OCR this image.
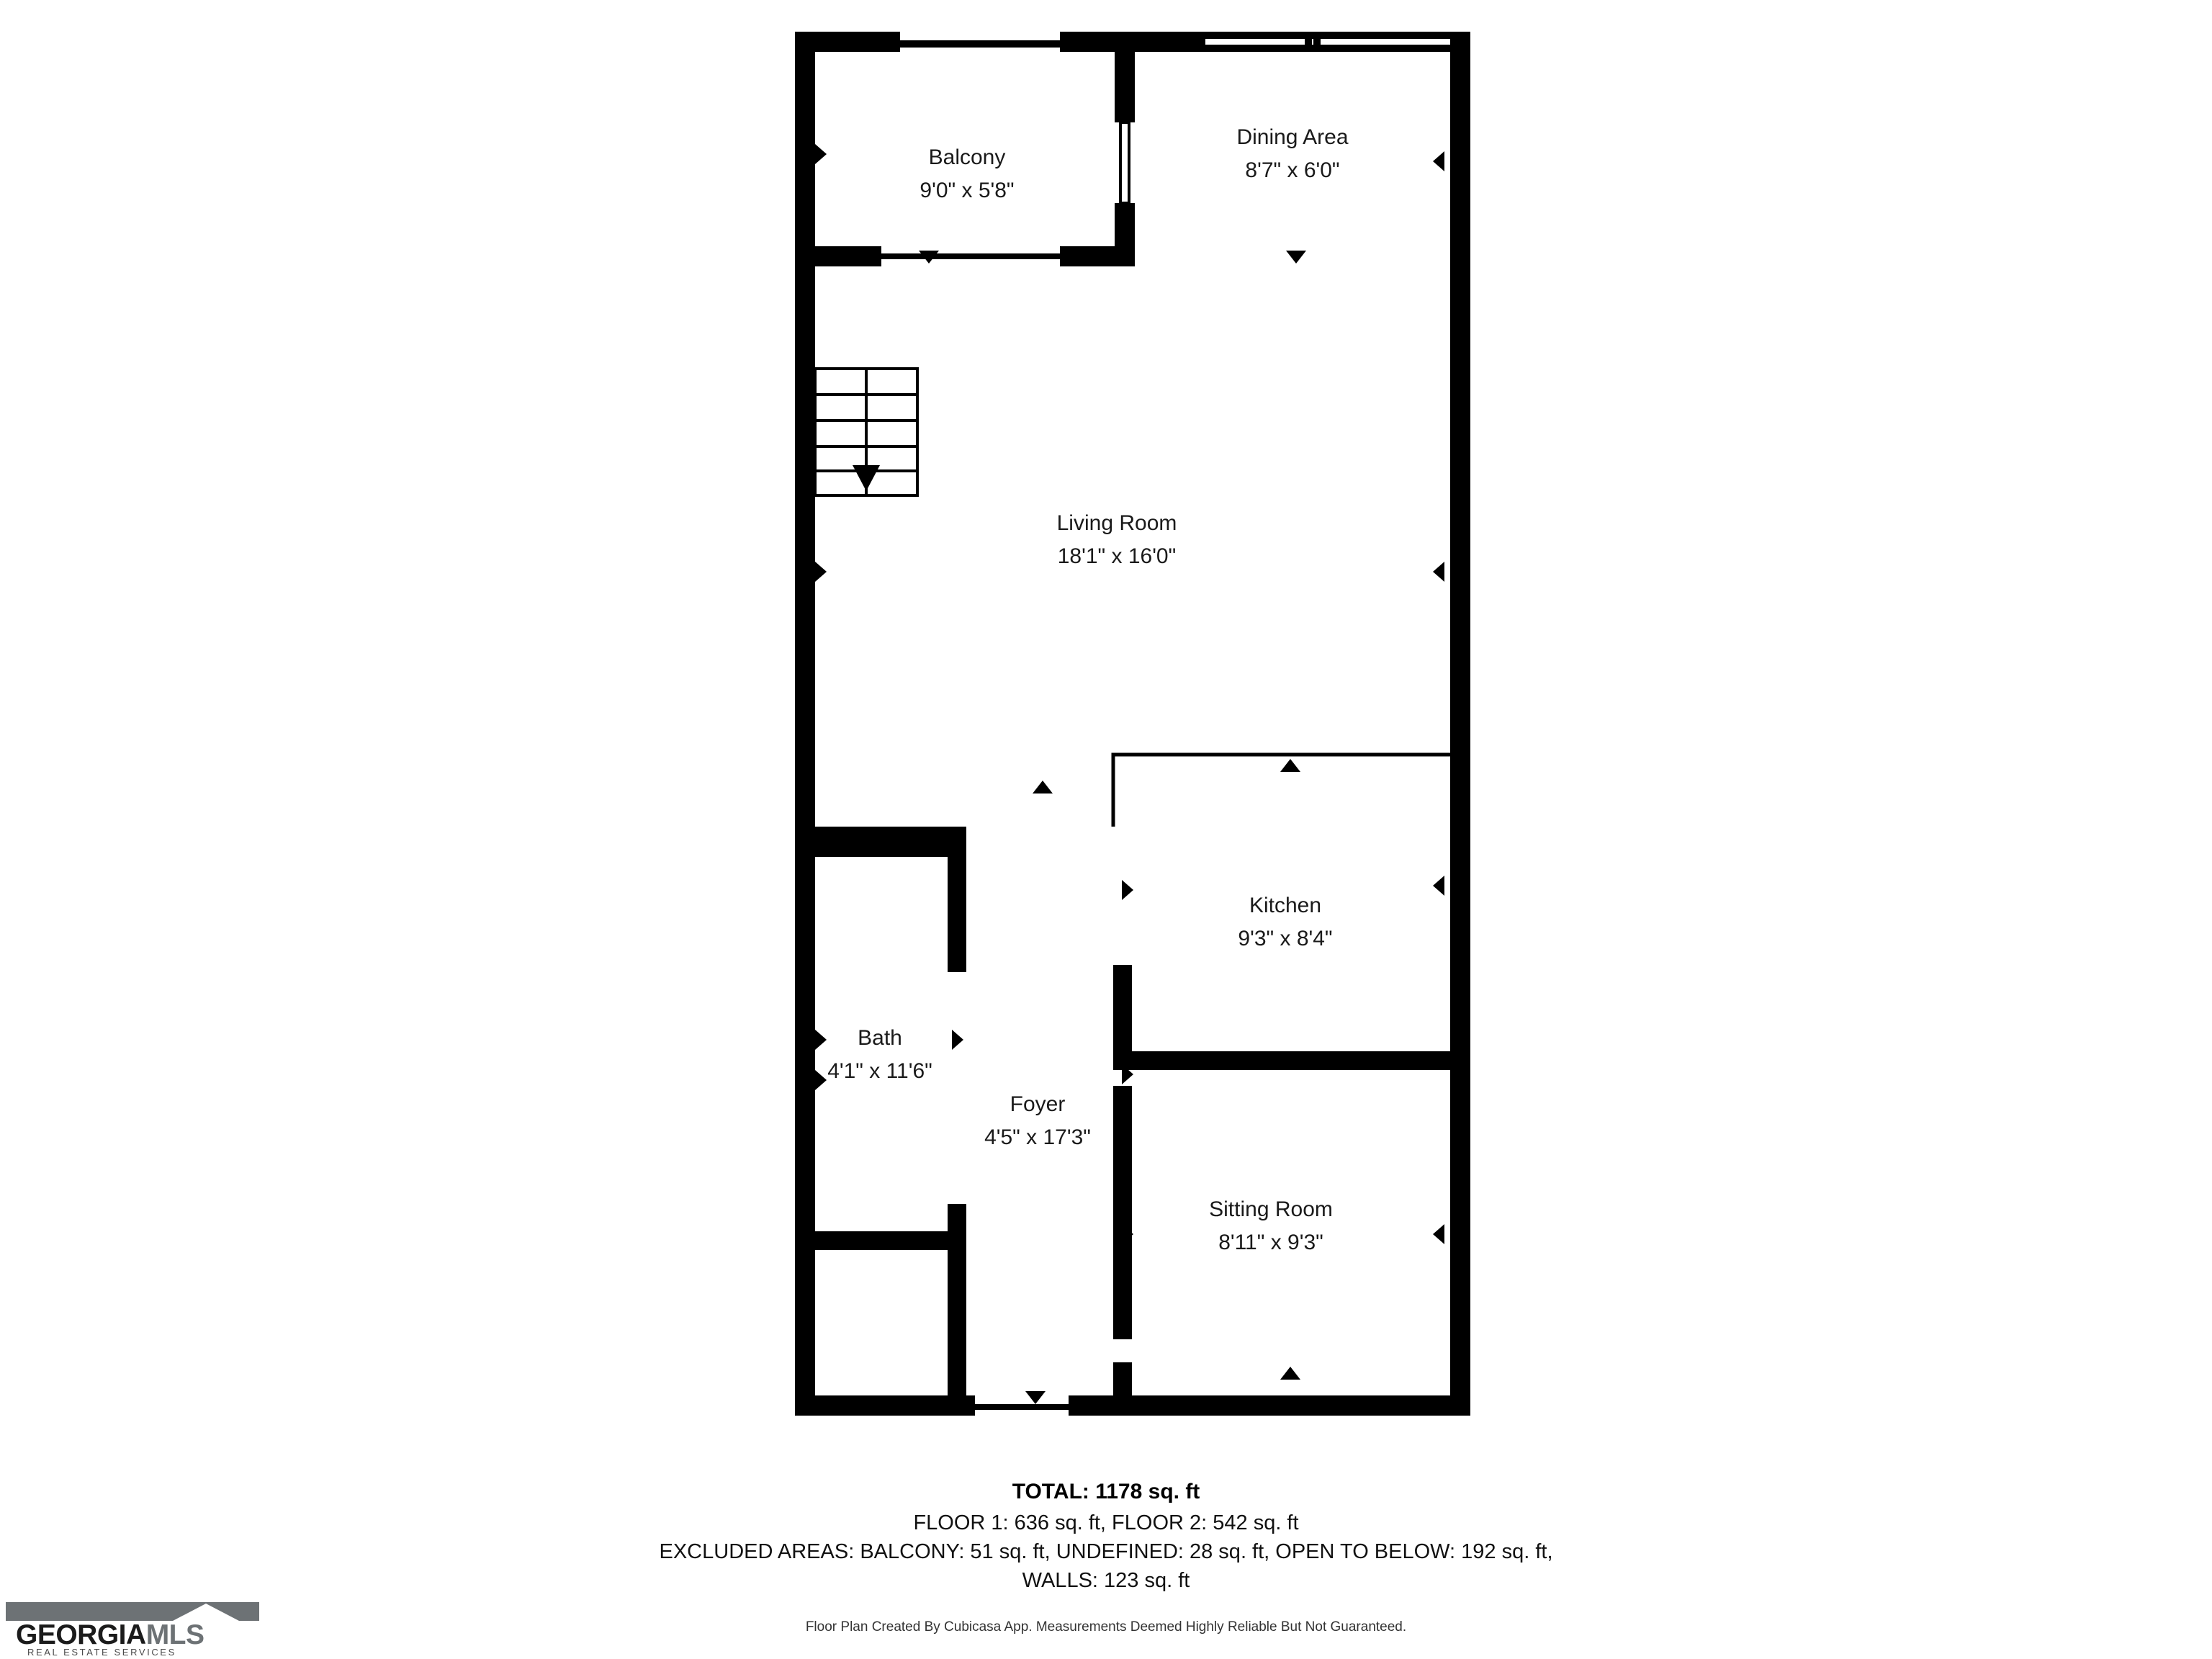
Balcony
9'0" x 5'8"
Dining Area
8'7" x 6'0"
Living Room
18'1" x 16'0"
Kitchen
9'3" x 8'4"
Bath
4'1" x 11'6"
Foyer
4'5" x 17'3"
Sitting Room
8'11" x 9'3"
TOTAL: 1178 sq. ft
FLOOR 1: 636 sq. ft, FLOOR 2: 542 sq. ft
EXCLUDED AREAS: BALCONY: 51 sq. ft, UNDEFINED: 28 sq. ft, OPEN TO BELOW: 192 sq. ft,
WALLS: 123 sq. ft
Floor Plan Created By Cubicasa App. Measurements Deemed Highly Reliable But Not Guaranteed.
GEORGIAMLS
REAL ESTATE SERVICES
